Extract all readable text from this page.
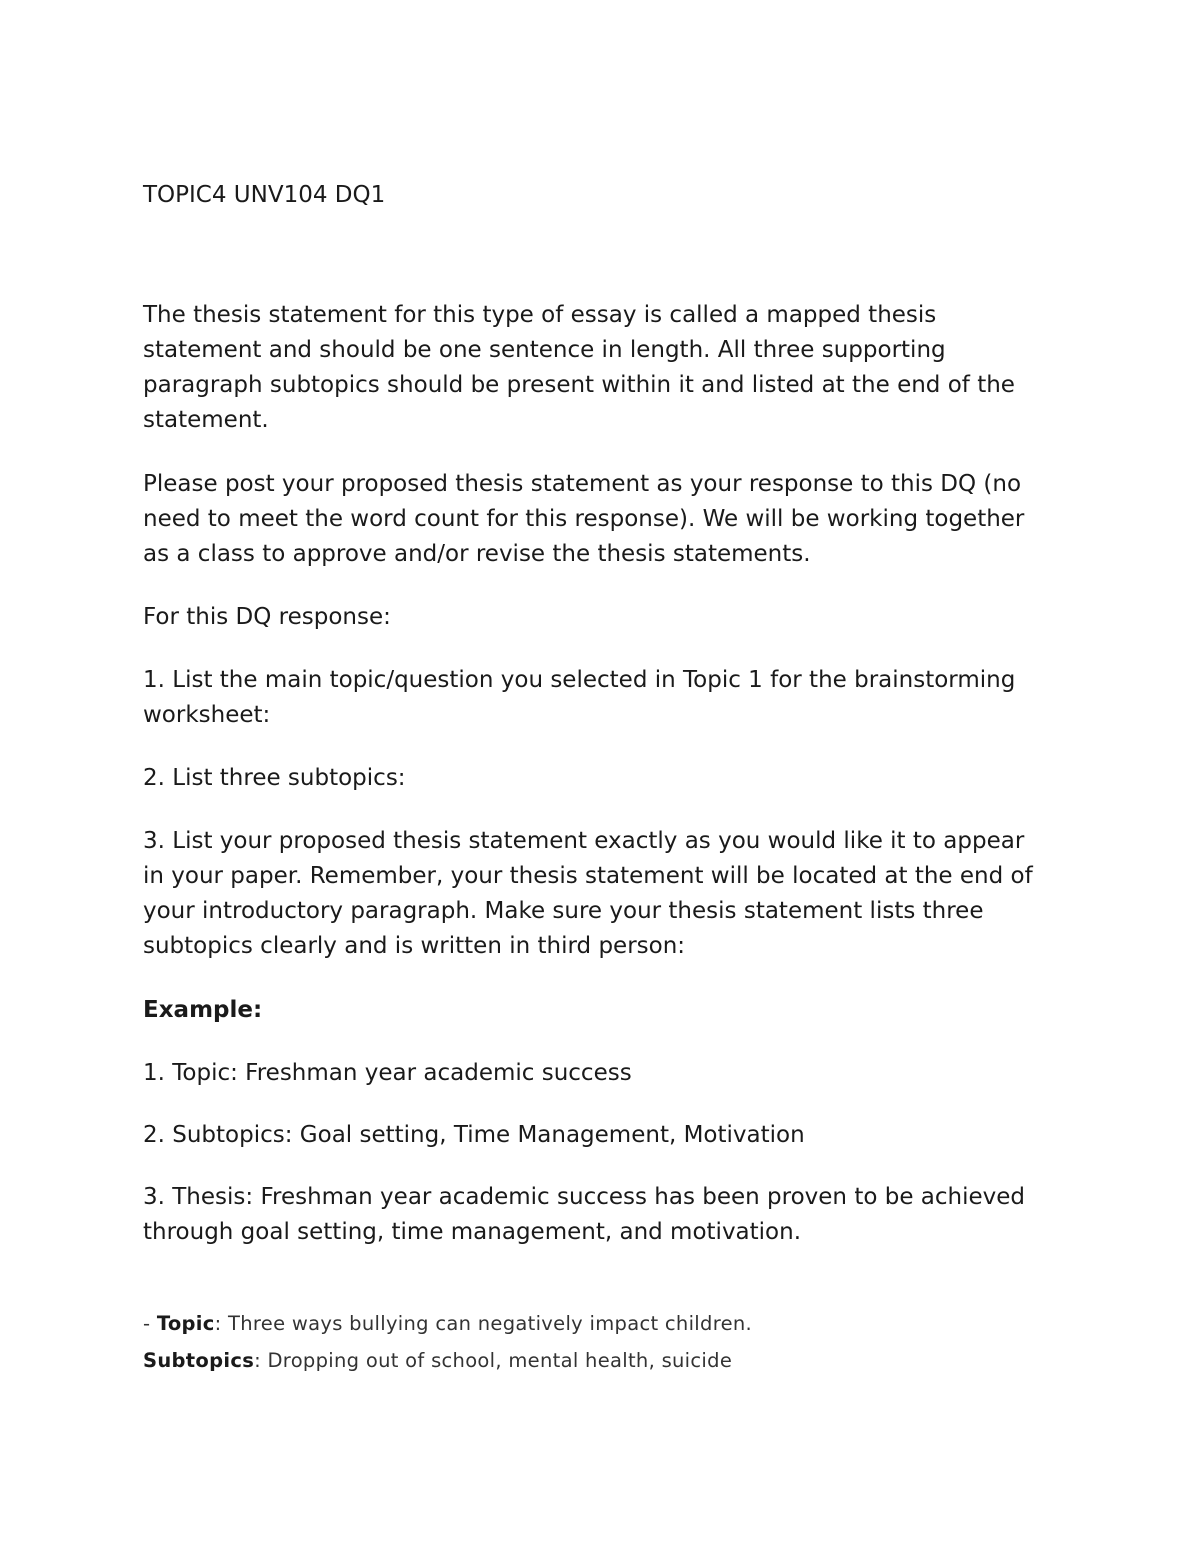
TOPIC4 UNV104 DQ1

The thesis statement for this type of essay is called a mapped thesis

statement and should be one sentence in length. All three supporting

paragraph subtopics should be present within it and listed at the end of the

statement.

Please post your proposed thesis statement as your response to this DQ (no

need to meet the word count for this response). We will be working together

as a class to approve and/or revise the thesis statements.

For this DQ response:

1. List the main topic/question you selected in Topic 1 for the brainstorming

worksheet:

2. List three subtopics:

3. List your proposed thesis statement exactly as you would like it to appear

in your paper. Remember, your thesis statement will be located at the end of

your introductory paragraph. Make sure your thesis statement lists three

subtopics clearly and is written in third person:

Example:

1. Topic: Freshman year academic success

2. Subtopics: Goal setting, Time Management, Motivation

3. Thesis: Freshman year academic success has been proven to be achieved

through goal setting, time management, and motivation.

- Topic: Three ways bullying can negatively impact children.

Subtopics: Dropping out of school, mental health, suicide
